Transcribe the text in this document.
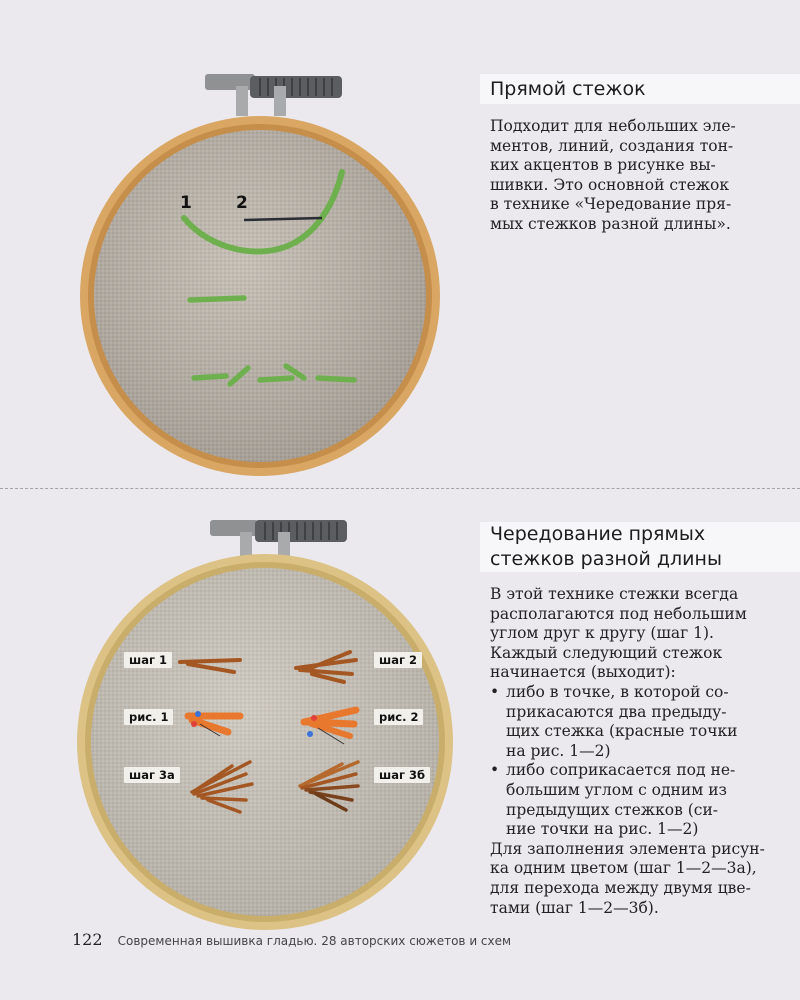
1	2
Прямой стежок

Подходит для небольших эле-

ментов, линий, создания тон-

ких акцентов в рисунке вы-

шивки. Это основной стежок

в технике «Чередование пря-

мых стежков разной длины».

шаг 1	шаг 2
рис. 1	рис. 2
шаг 3а	шаг 3б
Чередование прямых
стежков разной длины

В этой технике стежки всегда

располагаются под небольшим

углом друг к другу (шаг 1).

Каждый следующий стежок

начинается (выходит):

• либо в точке, в которой со-

прикасаются два предыду-

щих стежка (красные точки

на рис. 1—2)

• либо соприкасается под не-

большим углом с одним из

предыдущих стежков (си-

ние точки на рис. 1—2)

Для заполнения элемента рисун-

ка одним цветом (шаг 1—2—3а),

для перехода между двумя цве-

тами (шаг 1—2—3б).

122 Современная вышивка гладью. 28 авторских сюжетов и схем
